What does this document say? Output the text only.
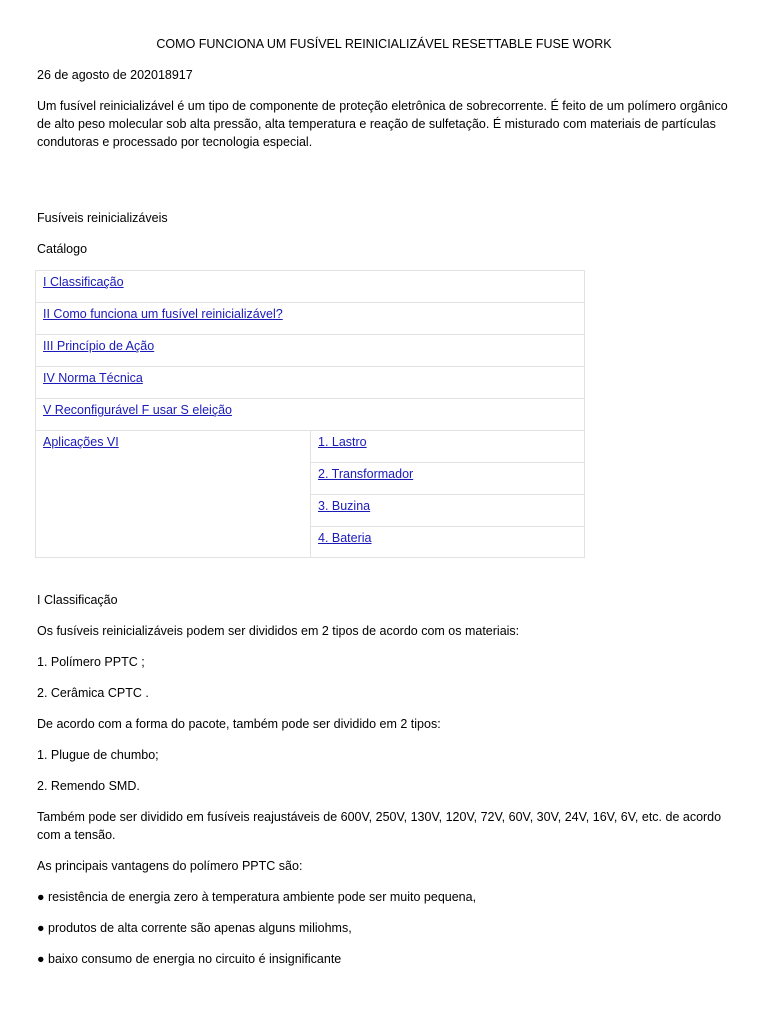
COMO FUNCIONA UM FUSÍVEL REINICIALIZÁVEL RESETTABLE FUSE WORK
26 de agosto de 202018917
Um fusível reinicializável é um tipo de componente de proteção eletrônica de sobrecorrente. É feito de um polímero orgânico de alto peso molecular sob alta pressão, alta temperatura e reação de sulfetação. É misturado com materiais de partículas condutoras e processado por tecnologia especial.
Fusíveis reinicializáveis
Catálogo
I Classificação
II Como funciona um fusível reinicializável?
III Princípio de Ação
IV Norma Técnica
V Reconfigurável F usar S eleição
Aplicações VI	1. Lastro
2. Transformador
3. Buzina
4. Bateria
I Classificação
Os fusíveis reinicializáveis podem ser divididos em 2 tipos de acordo com os materiais:
1. Polímero PPTC ;
2. Cerâmica CPTC .
De acordo com a forma do pacote, também pode ser dividido em 2 tipos:
1. Plugue de chumbo;
2. Remendo SMD.
Também pode ser dividido em fusíveis reajustáveis de 600V, 250V, 130V, 120V, 72V, 60V, 30V, 24V, 16V, 6V, etc. de acordo com a tensão.
As principais vantagens do polímero PPTC são:
● resistência de energia zero à temperatura ambiente pode ser muito pequena,
● produtos de alta corrente são apenas alguns miliohms,
● baixo consumo de energia no circuito é insignificante
